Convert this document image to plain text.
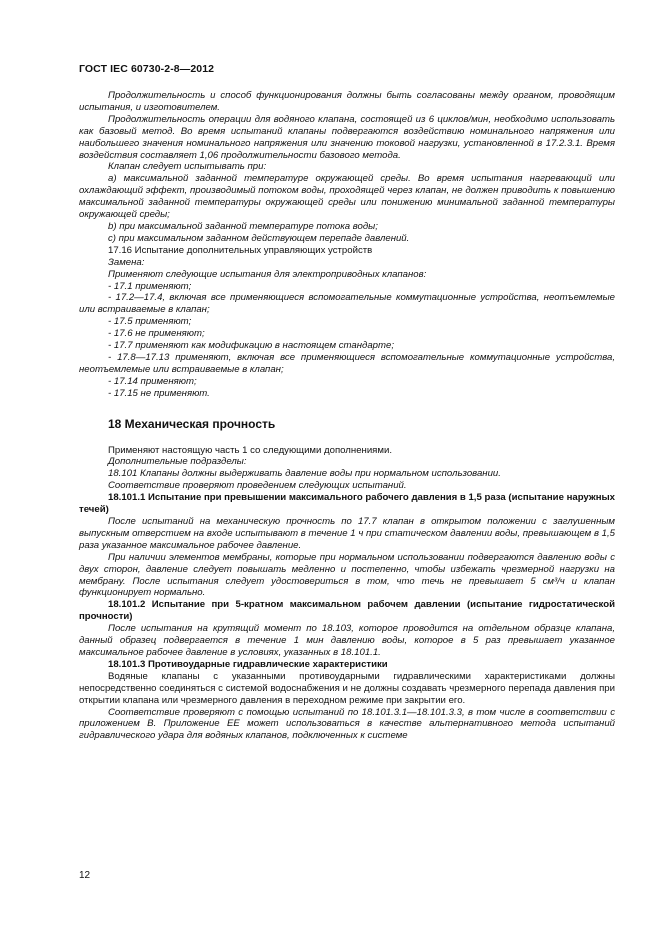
ГОСТ IEC 60730-2-8—2012

Продолжительность и способ функционирования должны быть согласованы между органом, проводящим испытания, и изготовителем.

Продолжительность операции для водяного клапана, состоящей из 6 циклов/мин, необходимо использовать как базовый метод. Во время испытаний клапаны подвергаются воздействию номинального напряжения или наибольшего значения номинального напряжения или значению токовой нагрузки, установленной в 17.2.3.1. Время воздействия составляет 1,06 продолжительности базового метода.

Клапан следует испытывать при:

a) максимальной заданной температуре окружающей среды. Во время испытания нагревающий или охлаждающий эффект, производимый потоком воды, проходящей через клапан, не должен приводить к повышению максимальной заданной температуры окружающей среды или понижению минимальной заданной температуры окружающей среды;

b) при максимальной заданной температуре потока воды;

c) при максимальном заданном действующем перепаде давлений.

17.16 Испытание дополнительных управляющих устройств

Замена:

Применяют следующие испытания для электроприводных клапанов:

- 17.1 применяют;

- 17.2—17.4, включая все применяющиеся вспомогательные коммутационные устройства, неотъемлемые или встраиваемые в клапан;

- 17.5 применяют;

- 17.6 не применяют;

- 17.7 применяют как модификацию в настоящем стандарте;

- 17.8—17.13 применяют, включая все применяющиеся вспомогательные коммутационные устройства, неотъемлемые или встраиваемые в клапан;

- 17.14 применяют;

- 17.15 не применяют.

18 Механическая прочность

Применяют настоящую часть 1 со следующими дополнениями.

Дополнительные подразделы:

18.101 Клапаны должны выдерживать давление воды при нормальном использовании.

Соответствие проверяют проведением следующих испытаний.

18.101.1 Испытание при превышении максимального рабочего давления в 1,5 раза (испытание наружных течей)

После испытаний на механическую прочность по 17.7 клапан в открытом положении с заглушенным выпускным отверстием на входе испытывают в течение 1 ч при статическом давлении воды, превышающем в 1,5 раза указанное максимальное рабочее давление.

При наличии элементов мембраны, которые при нормальном использовании подвергаются давлению воды с двух сторон, давление следует повышать медленно и постепенно, чтобы избежать чрезмерной нагрузки на мембрану. После испытания следует удостовериться в том, что течь не превышает 5 см³/ч и клапан функционирует нормально.

18.101.2 Испытание при 5-кратном максимальном рабочем давлении (испытание гидростатической прочности)

После испытания на крутящий момент по 18.103, которое проводится на отдельном образце клапана, данный образец подвергается в течение 1 мин давлению воды, которое в 5 раз превышает указанное максимальное рабочее давление в условиях, указанных в 18.101.1.

18.101.3 Противоударные гидравлические характеристики

Водяные клапаны с указанными противоударными гидравлическими характеристиками должны непосредственно соединяться с системой водоснабжения и не должны создавать чрезмерного перепада давления при открытии клапана или чрезмерного давления в переходном режиме при закрытии его.

Соответствие проверяют с помощью испытаний по 18.101.3.1—18.101.3.3, в том числе в соответствии с приложением В. Приложение ЕЕ может использоваться в качестве альтернативного метода испытаний гидравлического удара для водяных клапанов, подключенных к системе

12
